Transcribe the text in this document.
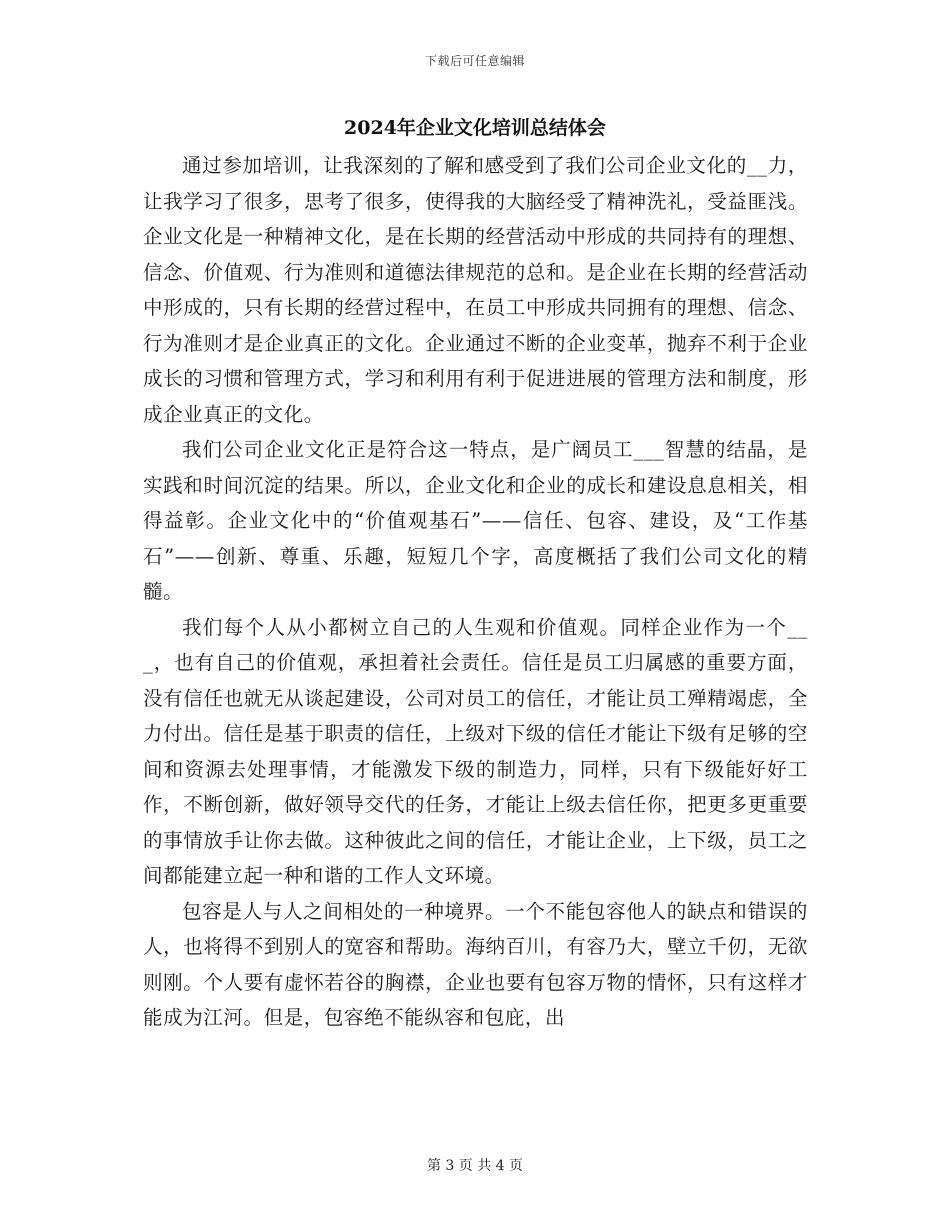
下载后可任意编辑
2024年企业文化培训总结体会

通过参加培训，让我深刻的了解和感受到了我们公司企业文化的__力，让我学习了很多，思考了很多，使得我的大脑经受了精神洗礼，受益匪浅。企业文化是一种精神文化，是在长期的经营活动中形成的共同持有的理想、信念、价值观、行为准则和道德法律规范的总和。是企业在长期的经营活动中形成的，只有长期的经营过程中，在员工中形成共同拥有的理想、信念、行为准则才是企业真正的文化。企业通过不断的企业变革，抛弃不利于企业成长的习惯和管理方式，学习和利用有利于促进进展的管理方法和制度，形成企业真正的文化。

我们公司企业文化正是符合这一特点，是广阔员工___智慧的结晶，是实践和时间沉淀的结果。所以，企业文化和企业的成长和建设息息相关，相得益彰。企业文化中的“价值观基石”——信任、包容、建设，及“工作基石”——创新、尊重、乐趣，短短几个字，高度概括了我们公司文化的精髓。

我们每个人从小都树立自己的人生观和价值观。同样企业作为一个___，也有自己的价值观，承担着社会责任。信任是员工归属感的重要方面，没有信任也就无从谈起建设，公司对员工的信任，才能让员工殚精竭虑，全力付出。信任是基于职责的信任，上级对下级的信任才能让下级有足够的空间和资源去处理事情，才能激发下级的制造力，同样，只有下级能好好工作，不断创新，做好领导交代的任务，才能让上级去信任你，把更多更重要的事情放手让你去做。这种彼此之间的信任，才能让企业，上下级，员工之间都能建立起一种和谐的工作人文环境。

包容是人与人之间相处的一种境界。一个不能包容他人的缺点和错误的人，也将得不到别人的宽容和帮助。海纳百川，有容乃大，壁立千仞，无欲则刚。个人要有虚怀若谷的胸襟，企业也要有包容万物的情怀，只有这样才能成为江河。但是，包容绝不能纵容和包庇，出

第 3 页 共 4 页
